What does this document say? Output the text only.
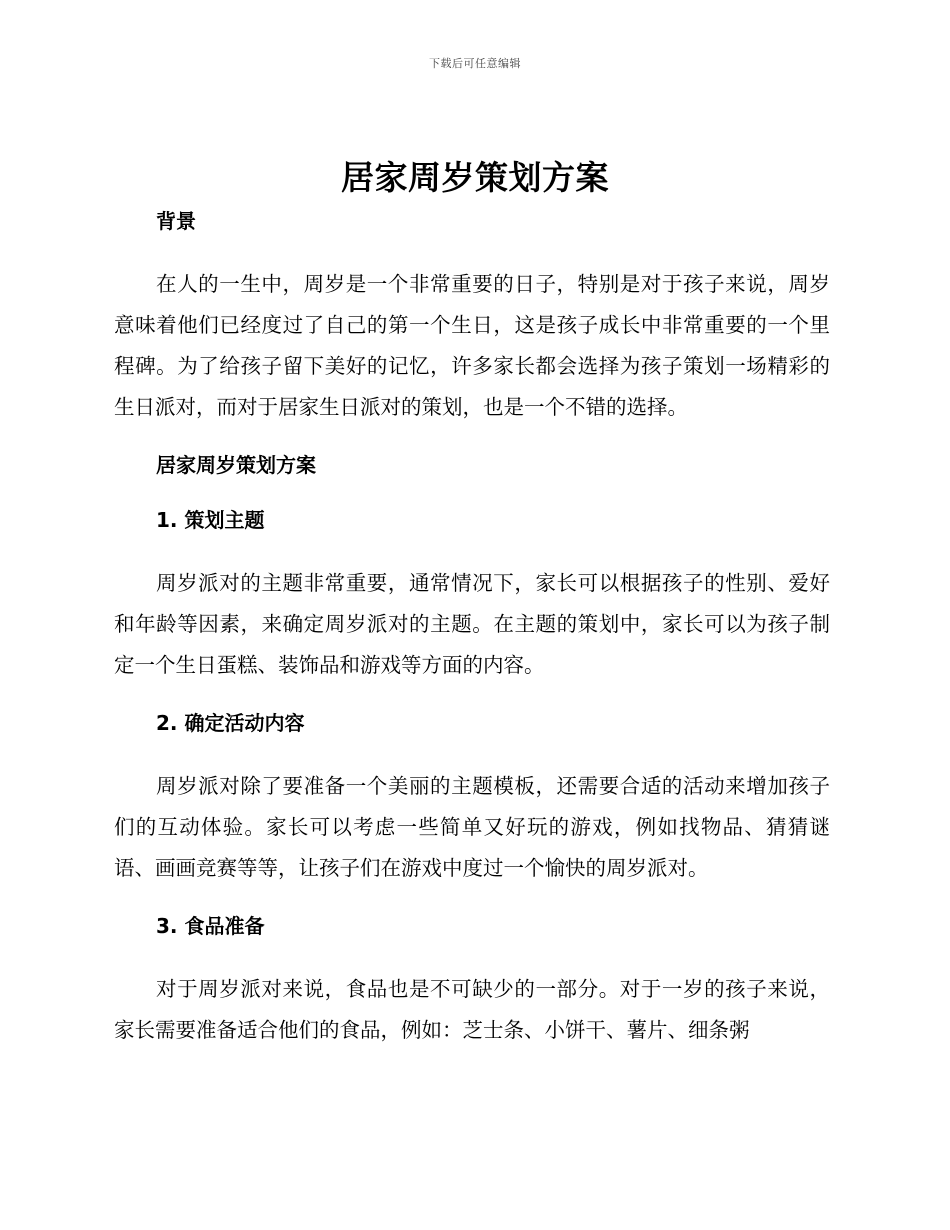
下载后可任意编辑
居家周岁策划方案
背景

在人的一生中，周岁是一个非常重要的日子，特别是对于孩子来说，周岁意味着他们已经度过了自己的第一个生日，这是孩子成长中非常重要的一个里程碑。为了给孩子留下美好的记忆，许多家长都会选择为孩子策划一场精彩的生日派对，而对于居家生日派对的策划，也是一个不错的选择。

居家周岁策划方案
1. 策划主题

周岁派对的主题非常重要，通常情况下，家长可以根据孩子的性别、爱好和年龄等因素，来确定周岁派对的主题。在主题的策划中，家长可以为孩子制定一个生日蛋糕、装饰品和游戏等方面的内容。

2. 确定活动内容

周岁派对除了要准备一个美丽的主题模板，还需要合适的活动来增加孩子们的互动体验。家长可以考虑一些简单又好玩的游戏，例如找物品、猜猜谜语、画画竞赛等等，让孩子们在游戏中度过一个愉快的周岁派对。

3. 食品准备

对于周岁派对来说，食品也是不可缺少的一部分。对于一岁的孩子来说，家长需要准备适合他们的食品，例如：芝士条、小饼干、薯片、细条粥
